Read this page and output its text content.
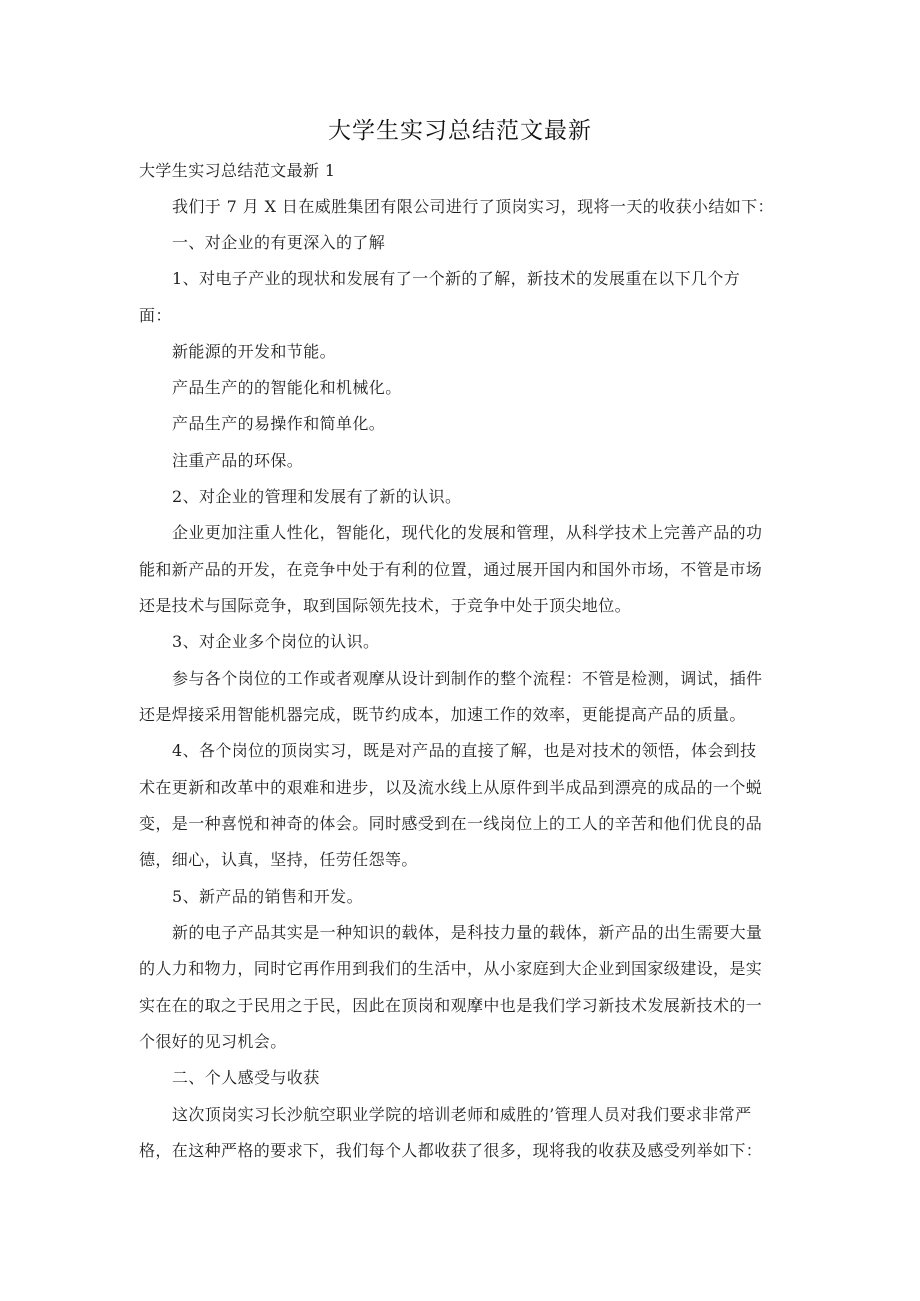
大学生实习总结范文最新
大学生实习总结范文最新 1
我们于 7 月 X 日在威胜集团有限公司进行了顶岗实习，现将一天的收获小结如下：
一、对企业的有更深入的了解
1、对电子产业的现状和发展有了一个新的了解，新技术的发展重在以下几个方
面：
新能源的开发和节能。
产品生产的的智能化和机械化。
产品生产的易操作和简单化。
注重产品的环保。
2、对企业的管理和发展有了新的认识。
企业更加注重人性化，智能化，现代化的发展和管理，从科学技术上完善产品的功
能和新产品的开发，在竞争中处于有利的位置，通过展开国内和国外市场，不管是市场
还是技术与国际竞争，取到国际领先技术，于竞争中处于顶尖地位。
3、对企业多个岗位的认识。
参与各个岗位的工作或者观摩从设计到制作的整个流程：不管是检测，调试，插件
还是焊接采用智能机器完成，既节约成本，加速工作的效率，更能提高产品的质量。
4、各个岗位的顶岗实习，既是对产品的直接了解，也是对技术的领悟，体会到技
术在更新和改革中的艰难和进步，以及流水线上从原件到半成品到漂亮的成品的一个蜕
变，是一种喜悦和神奇的体会。同时感受到在一线岗位上的工人的辛苦和他们优良的品
德，细心，认真，坚持，任劳任怨等。
5、新产品的销售和开发。
新的电子产品其实是一种知识的载体，是科技力量的载体，新产品的出生需要大量
的人力和物力，同时它再作用到我们的生活中，从小家庭到大企业到国家级建设，是实
实在在的取之于民用之于民，因此在顶岗和观摩中也是我们学习新技术发展新技术的一
个很好的见习机会。
二、个人感受与收获
这次顶岗实习长沙航空职业学院的培训老师和威胜的’管理人员对我们要求非常严
格，在这种严格的要求下，我们每个人都收获了很多，现将我的收获及感受列举如下：
